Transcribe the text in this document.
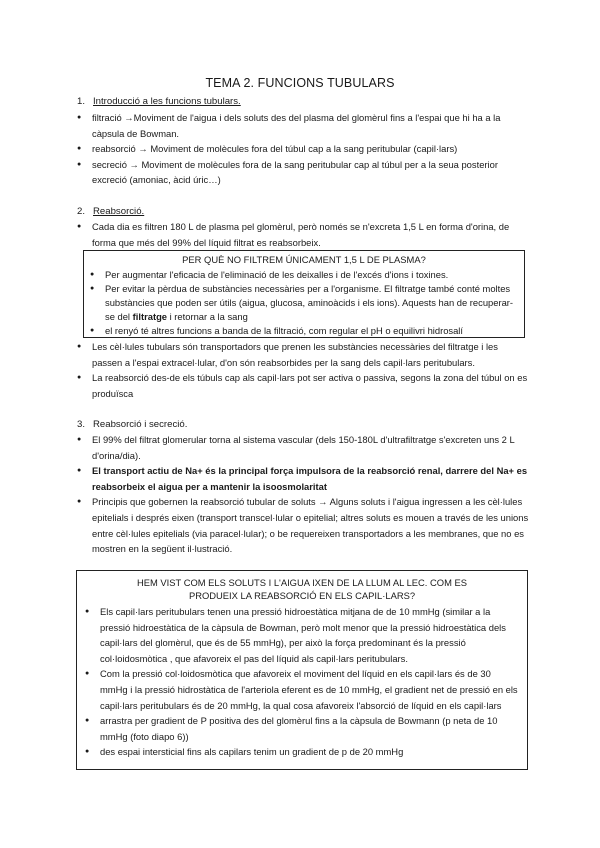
TEMA 2. FUNCIONS TUBULARS
1. Introducció a les funcions tubulars.
● filtració →Moviment de l'aigua i dels soluts des del plasma del glomèrul fins a l'espai que hi ha a la càpsula de Bowman.
● reabsorció → Moviment de molècules fora del túbul cap a la sang peritubular (capil·lars)
● secreció → Moviment de molècules fora de la sang peritubular cap al túbul per a la seua posterior excreció (amoniac, àcid úric…)
2. Reabsorció.
● Cada dia es filtren 180 L de plasma pel glomèrul, però només se n'excreta 1,5 L en forma d'orina, de forma que més del 99% del líquid filtrat es reabsorbeix.
PER QUÈ NO FILTREM ÚNICAMENT 1,5 L DE PLASMA?
● Per augmentar l'eficacia de l'eliminació de les deixalles i de l'excés d'ions i toxines.
● Per evitar la pèrdua de substàncies necessàries per a l'organisme. El filtratge també conté moltes substàncies que poden ser útils (aigua, glucosa, aminoàcids i els ions). Aquests han de recuperar-se del filtratge i retornar a la sang
● el renyó té altres funcions a banda de la filtració, com regular el pH o equilivri hidrosalí
● Les cèl·lules tubulars són transportadors que prenen les substàncies necessàries del filtratge i les passen a l'espai extracel·lular, d'on són reabsorbides per la sang dels capil·lars peritubulars.
● La reabsorció des-de els túbuls cap als capil·lars pot ser activa o passiva, segons la zona del túbul on es produïsca
3. Reabsorció i secreció.
● El 99% del filtrat glomerular torna al sistema vascular (dels 150-180L d'ultrafiltratge s'excreten uns 2 L d'orina/dia).
● El transport actiu de Na+ és la principal força impulsora de la reabsorció renal, darrere del Na+ es reabsorbeix el aigua per a mantenir la isoosmolaritat
● Principis que gobernen la reabsorció tubular de soluts → Alguns soluts i l'aigua ingressen a les cèl·lules epitelials i després eixen (transport transcel·lular o epitelial; altres soluts es mouen a través de les unions entre cèl·lules epitelials (via paracel·lular); o be requereixen transportadors a les membranes, que no es mostren en la següent il·lustració.
HEM VIST COM ELS SOLUTS I L'AIGUA IXEN DE LA LLUM AL LEC. COM ES PRODUEIX LA REABSORCIÓ EN ELS CAPIL·LARS?
● Els capil·lars peritubulars tenen una pressió hidroestàtica mitjana de de 10 mmHg (similar a la pressió hidroestàtica de la càpsula de Bowman, però molt menor que la pressió hidroestàtica dels capil·lars del glomèrul, que és de 55 mmHg), per això la força predominant és la pressió col·loidosmòtica , que afavoreix el pas del líquid als capil·lars peritubulars.
● Com la pressió col·loidosmòtica que afavoreix el moviment del líquid en els capil·lars és de 30 mmHg i la pressió hidrostàtica de l'arteriola eferent es de 10 mmHg, el gradient net de pressió en els capil·lars peritubulars és de 20 mmHg, la qual cosa afavoreix l'absorció de líquid en els capil·lars
● arrastra per gradient de P positiva des del glomèrul fins a la càpsula de Bowmann (p neta de 10 mmHg (foto diapo 6))
● des espai intersticial fins als capilars tenim un gradient de p de 20 mmHg
